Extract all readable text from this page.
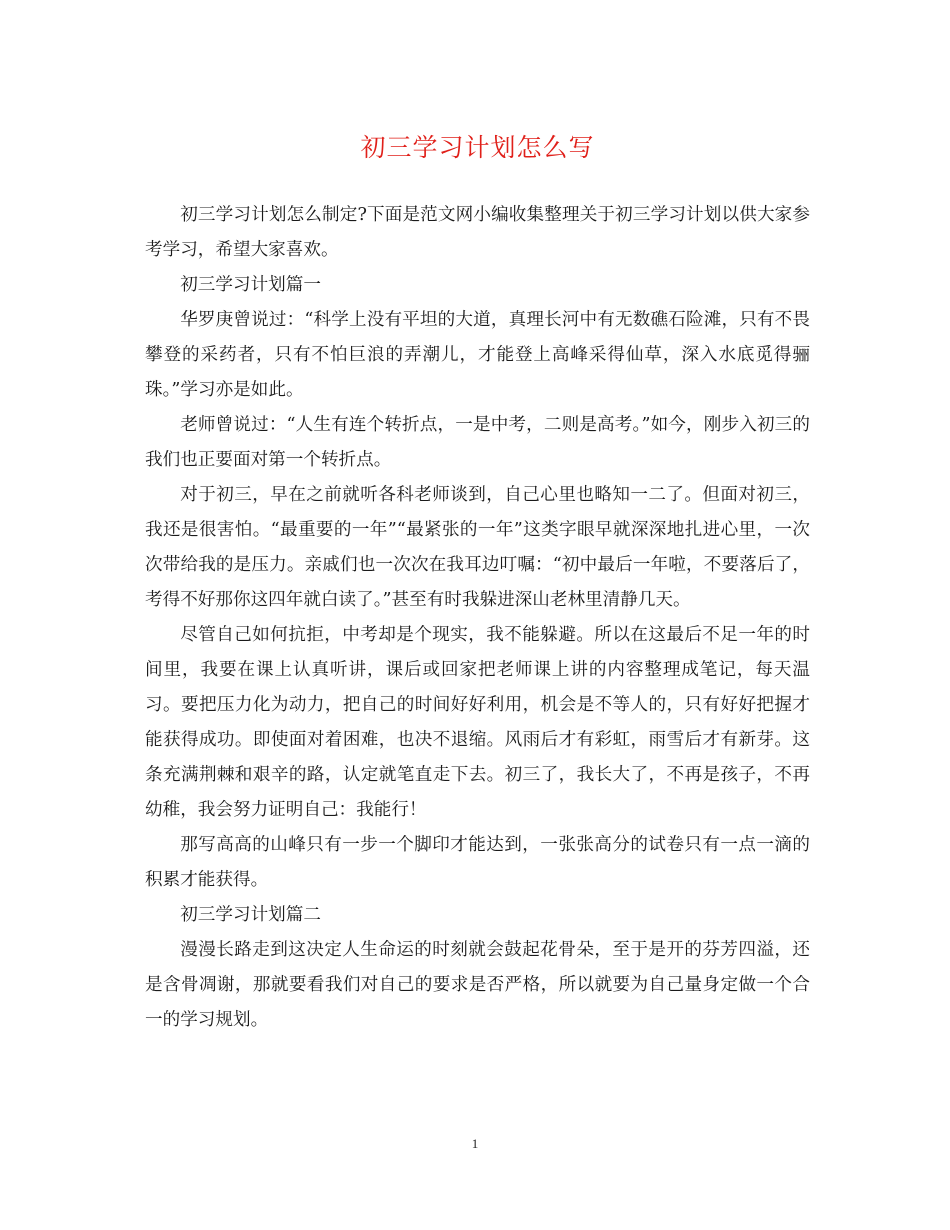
初三学习计划怎么写

初三学习计划怎么制定?下面是范文网小编收集整理关于初三学习计划以供大家参考学习，希望大家喜欢。

初三学习计划篇一

华罗庚曾说过：“科学上没有平坦的大道，真理长河中有无数礁石险滩，只有不畏攀登的采药者，只有不怕巨浪的弄潮儿，才能登上高峰采得仙草，深入水底觅得骊珠。”学习亦是如此。

老师曾说过：“人生有连个转折点，一是中考，二则是高考。”如今，刚步入初三的我们也正要面对第一个转折点。

对于初三，早在之前就听各科老师谈到，自己心里也略知一二了。但面对初三，我还是很害怕。“最重要的一年”“最紧张的一年”这类字眼早就深深地扎进心里，一次次带给我的是压力。亲戚们也一次次在我耳边叮嘱：“初中最后一年啦，不要落后了，考得不好那你这四年就白读了。”甚至有时我躲进深山老林里清静几天。

尽管自己如何抗拒，中考却是个现实，我不能躲避。所以在这最后不足一年的时间里，我要在课上认真听讲，课后或回家把老师课上讲的内容整理成笔记，每天温习。要把压力化为动力，把自己的时间好好利用，机会是不等人的，只有好好把握才能获得成功。即使面对着困难，也决不退缩。风雨后才有彩虹，雨雪后才有新芽。这条充满荆棘和艰辛的路，认定就笔直走下去。初三了，我长大了，不再是孩子，不再幼稚，我会努力证明自己：我能行！

那写高高的山峰只有一步一个脚印才能达到，一张张高分的试卷只有一点一滴的积累才能获得。

初三学习计划篇二

漫漫长路走到这决定人生命运的时刻就会鼓起花骨朵，至于是开的芬芳四溢，还是含骨凋谢，那就要看我们对自己的要求是否严格，所以就要为自己量身定做一个合一的学习规划。

1
